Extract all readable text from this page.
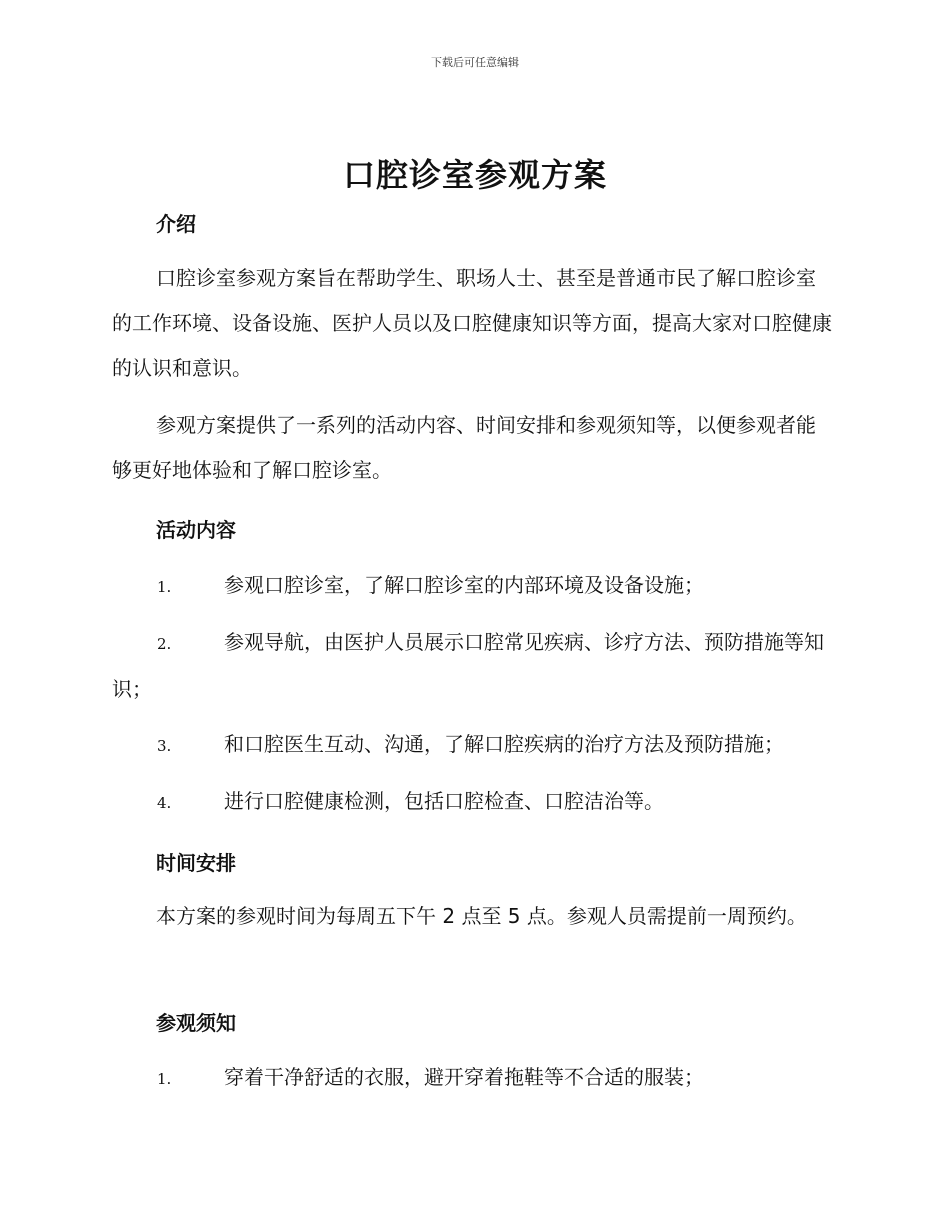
下载后可任意编辑
口腔诊室参观方案
介绍

口腔诊室参观方案旨在帮助学生、职场人士、甚至是普通市民了解口腔诊室的工作环境、设备设施、医护人员以及口腔健康知识等方面，提高大家对口腔健康的认识和意识。

参观方案提供了一系列的活动内容、时间安排和参观须知等，以便参观者能够更好地体验和了解口腔诊室。

活动内容

1.	参观口腔诊室，了解口腔诊室的内部环境及设备设施；

2.	参观导航，由医护人员展示口腔常见疾病、诊疗方法、预防措施等知识；

3.	和口腔医生互动、沟通，了解口腔疾病的治疗方法及预防措施；

4.	进行口腔健康检测，包括口腔检查、口腔洁治等。

时间安排

本方案的参观时间为每周五下午 2 点至 5 点。参观人员需提前一周预约。

参观须知

1.	穿着干净舒适的衣服，避开穿着拖鞋等不合适的服装；
